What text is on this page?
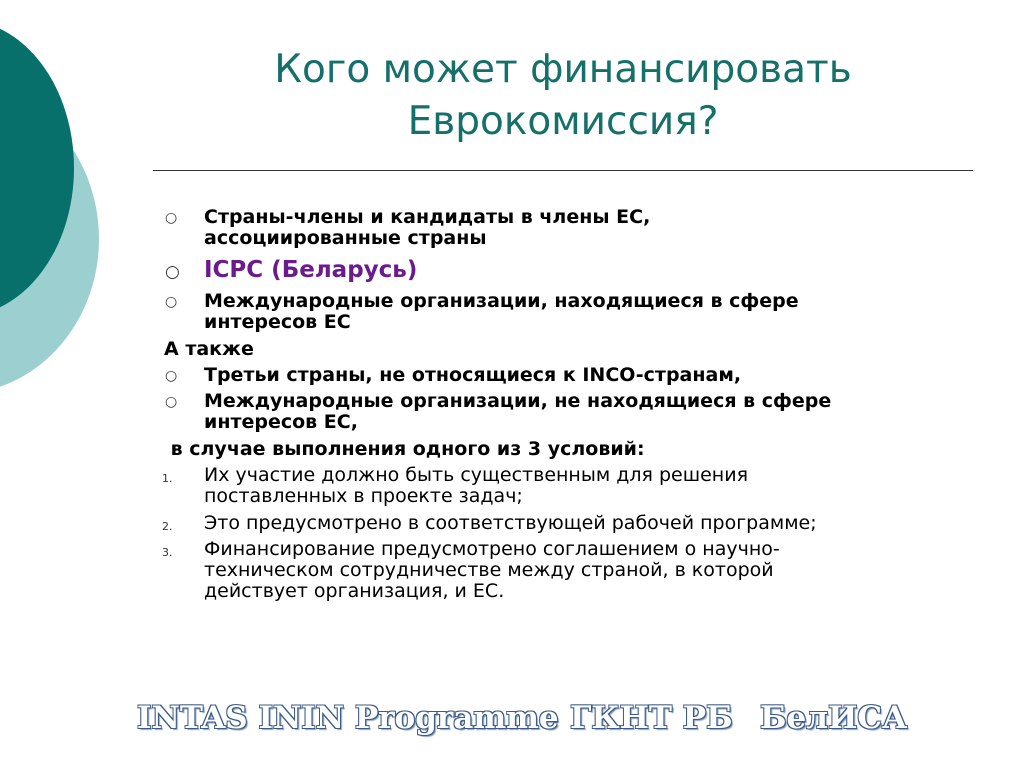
Кого может финансировать
Еврокомиссия?
○ Страны-члены и кандидаты в члены ЕС,
ассоциированные страны
○ ICPC (Беларусь)
○ Международные организации, находящиеся в сфере
интересов ЕС
А также
○ Третьи страны, не относящиеся к INCO-странам,
○ Международные организации, не находящиеся в сфере
интересов ЕС,
в случае выполнения одного из 3 условий:
1. Их участие должно быть существенным для решения
поставленных в проекте задач;
2. Это предусмотрено в соответствующей рабочей программе;
3. Финансирование предусмотрено соглашением о научно-
техническом сотрудничестве между страной, в которой
действует организация, и ЕС.
INTAS ININ Programme ГКНТ РБ БелИСА
